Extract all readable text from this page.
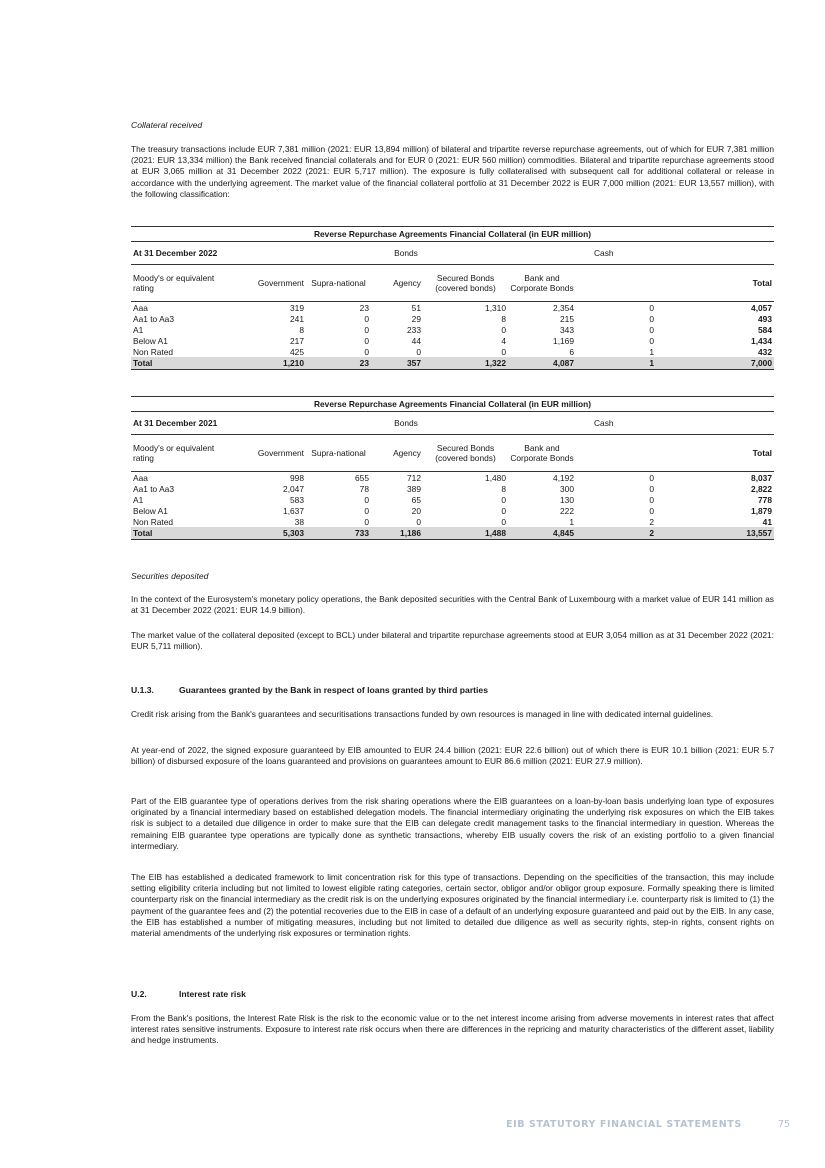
Collateral received

The treasury transactions include EUR 7,381 million (2021: EUR 13,894 million) of bilateral and tripartite reverse repurchase agreements, out of which for EUR 7,381 million (2021: EUR 13,334 million) the Bank received financial collaterals and for EUR 0 (2021: EUR 560 million) commodities. Bilateral and tripartite repurchase agreements stood at EUR 3,065 million at 31 December 2022 (2021: EUR 5,717 million). The exposure is fully collateralised with subsequent call for additional collateral or release in accordance with the underlying agreement. The market value of the financial collateral portfolio at 31 December 2022 is EUR 7,000 million (2021: EUR 13,557 million), with the following classification:

Reverse Repurchase Agreements Financial Collateral (in EUR million)							
At 31 December 2022	Bonds					Cash	
Moody's or equivalent rating	Government	Supra-national	Agency	Secured Bonds (covered bonds)	Bank and Corporate Bonds		Total
Aaa	319	23	51	1,310	2,354	0	4,057
Aa1 to Aa3	241	0	29	8	215	0	493
A1	8	0	233	0	343	0	584
Below A1	217	0	44	4	1,169	0	1,434
Non Rated	425	0	0	0	6	1	432
Total	1,210	23	357	1,322	4,087	1	7,000
Reverse Repurchase Agreements Financial Collateral (in EUR million)							
At 31 December 2021	Bonds					Cash	
Moody's or equivalent rating	Government	Supra-national	Agency	Secured Bonds (covered bonds)	Bank and Corporate Bonds		Total
Aaa	998	655	712	1,480	4,192	0	8,037
Aa1 to Aa3	2,047	78	389	8	300	0	2,822
A1	583	0	65	0	130	0	778
Below A1	1,637	0	20	0	222	0	1,879
Non Rated	38	0	0	0	1	2	41
Total	5,303	733	1,186	1,488	4,845	2	13,557
Securities deposited

In the context of the Eurosystem's monetary policy operations, the Bank deposited securities with the Central Bank of Luxembourg with a market value of EUR 141 million as at 31 December 2022 (2021: EUR 14.9 billion).

The market value of the collateral deposited (except to BCL) under bilateral and tripartite repurchase agreements stood at EUR 3,054 million as at 31 December 2022 (2021: EUR 5,711 million).

U.1.3.	Guarantees granted by the Bank in respect of loans granted by third parties

Credit risk arising from the Bank's guarantees and securitisations transactions funded by own resources is managed in line with dedicated internal guidelines.

At year-end of 2022, the signed exposure guaranteed by EIB amounted to EUR 24.4 billion (2021: EUR 22.6 billion) out of which there is EUR 10.1 billion (2021: EUR 5.7 billion) of disbursed exposure of the loans guaranteed and provisions on guarantees amount to EUR 86.6 million (2021: EUR 27.9 million).

Part of the EIB guarantee type of operations derives from the risk sharing operations where the EIB guarantees on a loan-by-loan basis underlying loan type of exposures originated by a financial intermediary based on established delegation models. The financial intermediary originating the underlying risk exposures on which the EIB takes risk is subject to a detailed due diligence in order to make sure that the EIB can delegate credit management tasks to the financial intermediary in question. Whereas the remaining EIB guarantee type operations are typically done as synthetic transactions, whereby EIB usually covers the risk of an existing portfolio to a given financial intermediary.

The EIB has established a dedicated framework to limit concentration risk for this type of transactions. Depending on the specificities of the transaction, this may include setting eligibility criteria including but not limited to lowest eligible rating categories, certain sector, obligor and/or obligor group exposure. Formally speaking there is limited counterparty risk on the financial intermediary as the credit risk is on the underlying exposures originated by the financial intermediary i.e. counterparty risk is limited to (1) the payment of the guarantee fees and (2) the potential recoveries due to the EIB in case of a default of an underlying exposure guaranteed and paid out by the EIB. In any case, the EIB has established a number of mitigating measures, including but not limited to detailed due diligence as well as security rights, step-in rights, consent rights on material amendments of the underlying risk exposures or termination rights.

U.2.	Interest rate risk

From the Bank's positions, the Interest Rate Risk is the risk to the economic value or to the net interest income arising from adverse movements in interest rates that affect interest rates sensitive instruments. Exposure to interest rate risk occurs when there are differences in the repricing and maturity characteristics of the different asset, liability and hedge instruments.

EIB STATUTORY FINANCIAL STATEMENTS	75
